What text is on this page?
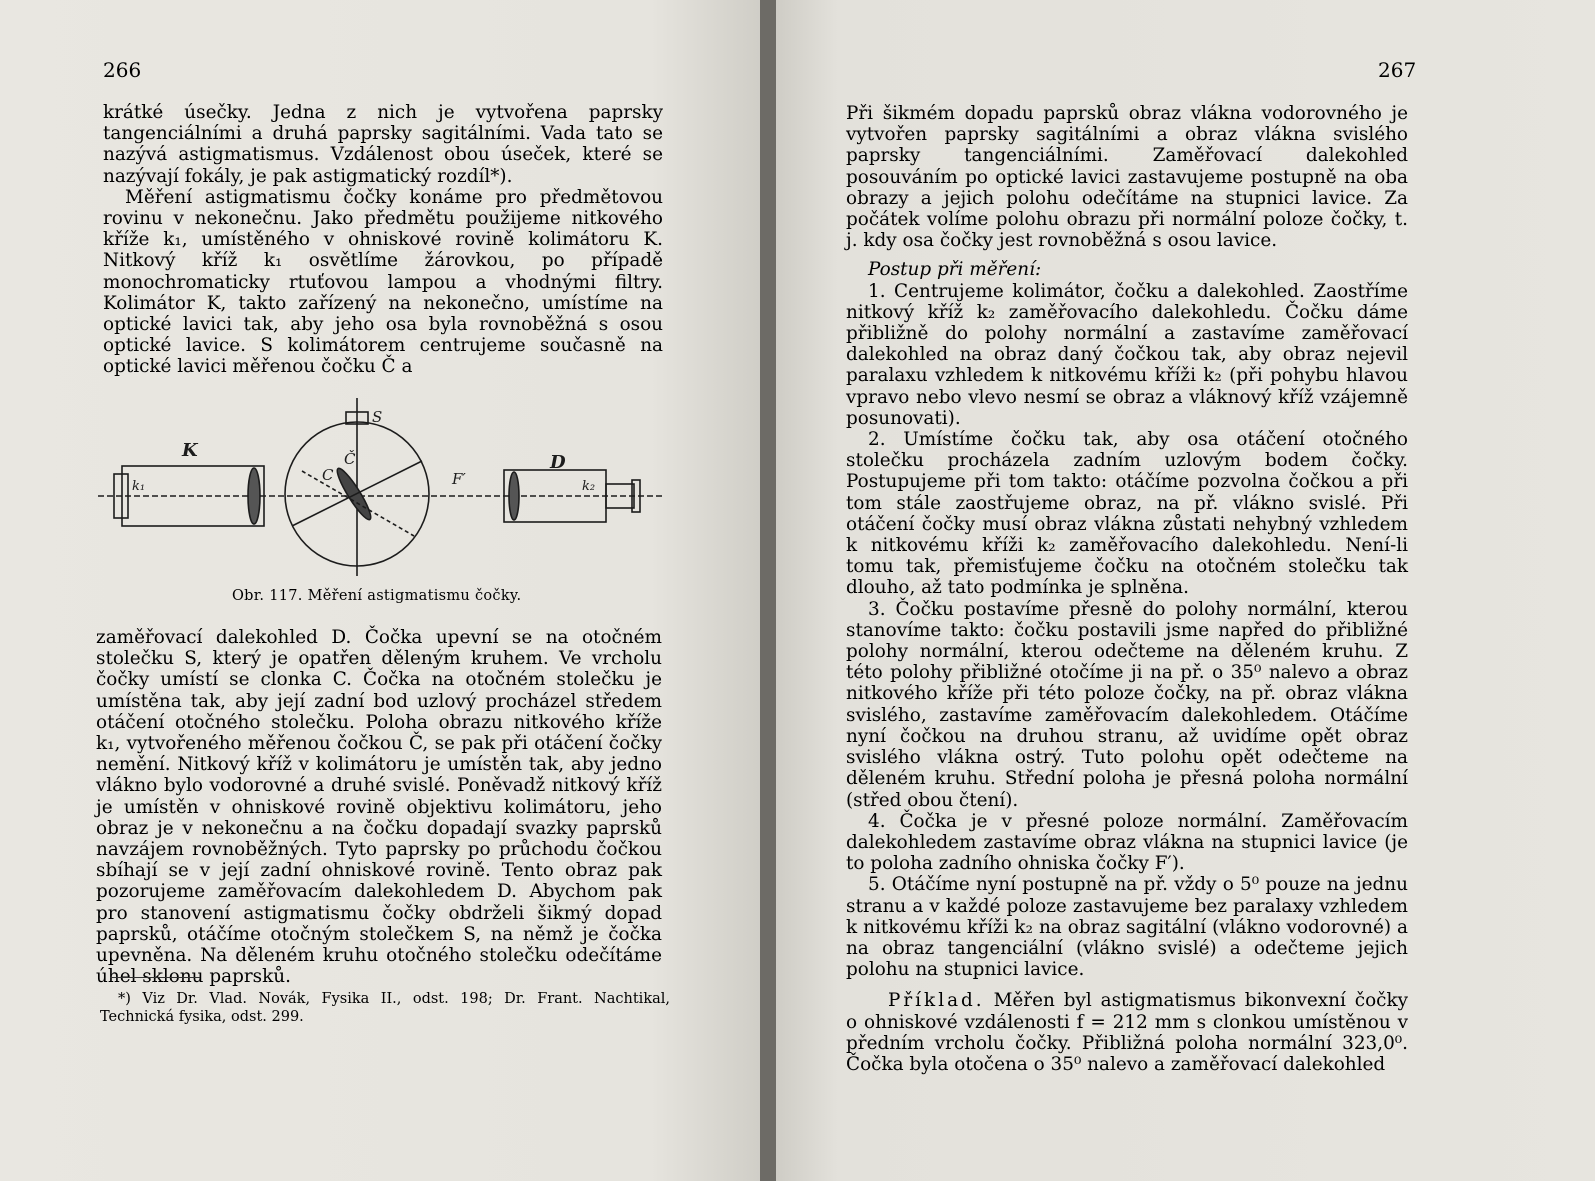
266

krátké úsečky. Jedna z nich je vytvořena paprsky tangenciálními a druhá paprsky sagitálními. Vada tato se nazývá astigmatismus. Vzdálenost obou úseček, které se nazývají fokály, je pak astigmatický rozdíl*).

Měření astigmatismu čočky konáme pro předmětovou rovinu v nekonečnu. Jako předmětu použijeme nitkového kříže k₁, umístěného v ohniskové rovině kolimátoru K. Nitkový kříž k₁ osvětlíme žárovkou, po případě monochromaticky rtuťovou lampou a vhodnými filtry. Kolimátor K, takto zařízený na nekonečno, umístíme na optické lavici tak, aby jeho osa byla rovnoběžná s osou optické lavice. S kolimátorem centrujeme současně na optické lavici měřenou čočku Č a

K
k₁
S
C
Č
F′
D
k₂
Obr. 117. Měření astigmatismu čočky.

zaměřovací dalekohled D. Čočka upevní se na otočném stolečku S, který je opatřen děleným kruhem. Ve vrcholu čočky umístí se clonka C. Čočka na otočném stolečku je umístěna tak, aby její zadní bod uzlový procházel středem otáčení otočného stolečku. Poloha obrazu nitkového kříže k₁, vytvořeného měřenou čočkou Č, se pak při otáčení čočky nemění. Nitkový kříž v kolimátoru je umístěn tak, aby jedno vlákno bylo vodorovné a druhé svislé. Poněvadž nitkový kříž je umístěn v ohniskové rovině objektivu kolimátoru, jeho obraz je v nekonečnu a na čočku dopadají svazky paprsků navzájem rovnoběžných. Tyto paprsky po průchodu čočkou sbíhají se v její zadní ohniskové rovině. Tento obraz pak pozorujeme zaměřovacím dalekohledem D. Abychom pak pro stanovení astigmatismu čočky obdrželi šikmý dopad paprsků, otáčíme otočným stolečkem S, na němž je čočka upevněna. Na děleném kruhu otočného stolečku odečítáme úhel sklonu paprsků.

*) Viz Dr. Vlad. Novák, Fysika II., odst. 198; Dr. Frant. Nachtikal, Technická fysika, odst. 299.

267

Při šikmém dopadu paprsků obraz vlákna vodorovného je vytvořen paprsky sagitálními a obraz vlákna svislého paprsky tangenciálními. Zaměřovací dalekohled posouváním po optické lavici zastavujeme postupně na oba obrazy a jejich polohu odečítáme na stupnici lavice. Za počátek volíme polohu obrazu při normální poloze čočky, t. j. kdy osa čočky jest rovnoběžná s osou lavice.

Postup při měření:

1. Centrujeme kolimátor, čočku a dalekohled. Zaostříme nitkový kříž k₂ zaměřovacího dalekohledu. Čočku dáme přibližně do polohy normální a zastavíme zaměřovací dalekohled na obraz daný čočkou tak, aby obraz nejevil paralaxu vzhledem k nitkovému kříži k₂ (při pohybu hlavou vpravo nebo vlevo nesmí se obraz a vláknový kříž vzájemně posunovati).

2. Umístíme čočku tak, aby osa otáčení otočného stolečku procházela zadním uzlovým bodem čočky. Postupujeme při tom takto: otáčíme pozvolna čočkou a při tom stále zaostřujeme obraz, na př. vlákno svislé. Při otáčení čočky musí obraz vlákna zůstati nehybný vzhledem k nitkovému kříži k₂ zaměřovacího dalekohledu. Není-li tomu tak, přemisťujeme čočku na otočném stolečku tak dlouho, až tato podmínka je splněna.

3. Čočku postavíme přesně do polohy normální, kterou stanovíme takto: čočku postavili jsme napřed do přibližné polohy normální, kterou odečteme na děleném kruhu. Z této polohy přibližné otočíme ji na př. o 35⁰ nalevo a obraz nitkového kříže při této poloze čočky, na př. obraz vlákna svislého, zastavíme zaměřovacím dalekohledem. Otáčíme nyní čočkou na druhou stranu, až uvidíme opět obraz svislého vlákna ostrý. Tuto polohu opět odečteme na děleném kruhu. Střední poloha je přesná poloha normální (střed obou čtení).

4. Čočka je v přesné poloze normální. Zaměřovacím dalekohledem zastavíme obraz vlákna na stupnici lavice (je to poloha zadního ohniska čočky F′).

5. Otáčíme nyní postupně na př. vždy o 5⁰ pouze na jednu stranu a v každé poloze zastavujeme bez paralaxy vzhledem k nitkovému kříži k₂ na obraz sagitální (vlákno vodorovné) a na obraz tangenciální (vlákno svislé) a odečteme jejich polohu na stupnici lavice.

Příklad. Měřen byl astigmatismus bikonvexní čočky o ohniskové vzdálenosti f = 212 mm s clonkou umístěnou v předním vrcholu čočky. Přibližná poloha normální 323,0⁰. Čočka byla otočena o 35⁰ nalevo a zaměřovací dalekohled
